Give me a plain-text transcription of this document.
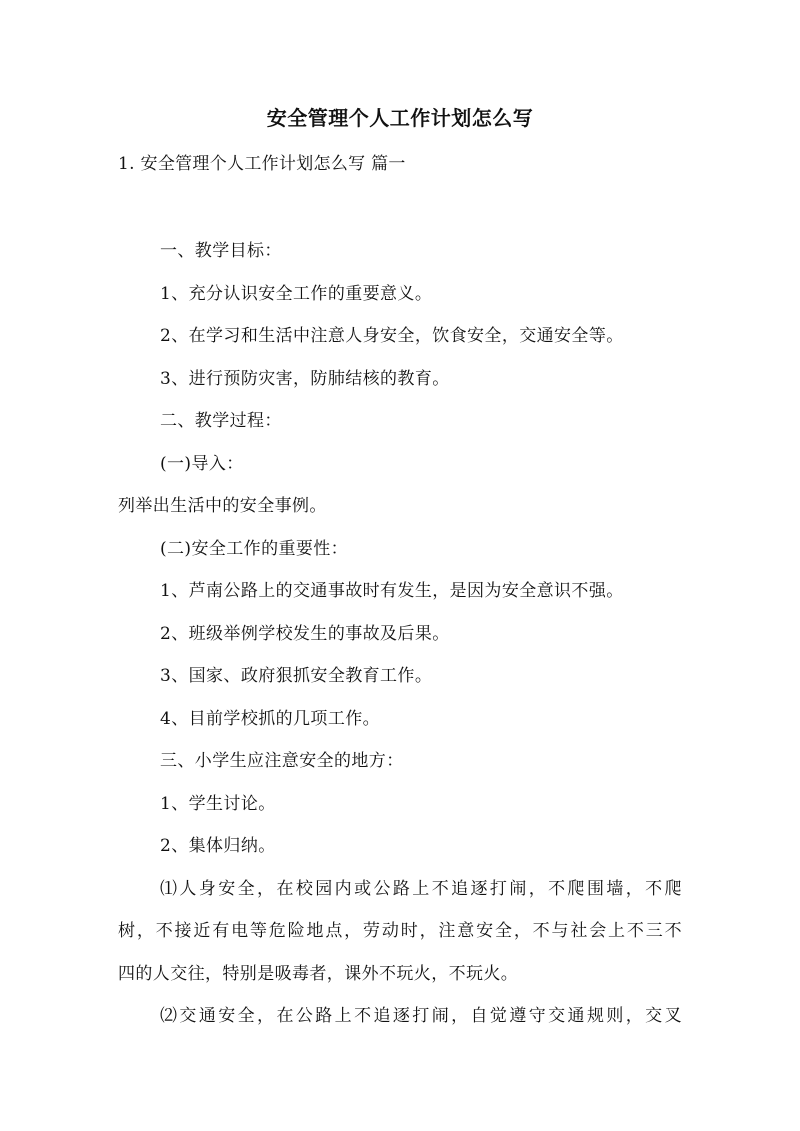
安全管理个人工作计划怎么写
1. 安全管理个人工作计划怎么写 篇一
一、教学目标：
1、充分认识安全工作的重要意义。
2、在学习和生活中注意人身安全，饮食安全，交通安全等。
3、进行预防灾害，防肺结核的教育。
二、教学过程：
(一)导入：
列举出生活中的安全事例。
(二)安全工作的重要性：
1、芦南公路上的交通事故时有发生，是因为安全意识不强。
2、班级举例学校发生的事故及后果。
3、国家、政府狠抓安全教育工作。
4、目前学校抓的几项工作。
三、小学生应注意安全的地方：
1、学生讨论。
2、集体归纳。
⑴人身安全，在校园内或公路上不追逐打闹，不爬围墙，不爬
树，不接近有电等危险地点，劳动时，注意安全，不与社会上不三不
四的人交往，特别是吸毒者，课外不玩火，不玩火。
⑵交通安全，在公路上不追逐打闹，自觉遵守交通规则，交叉
